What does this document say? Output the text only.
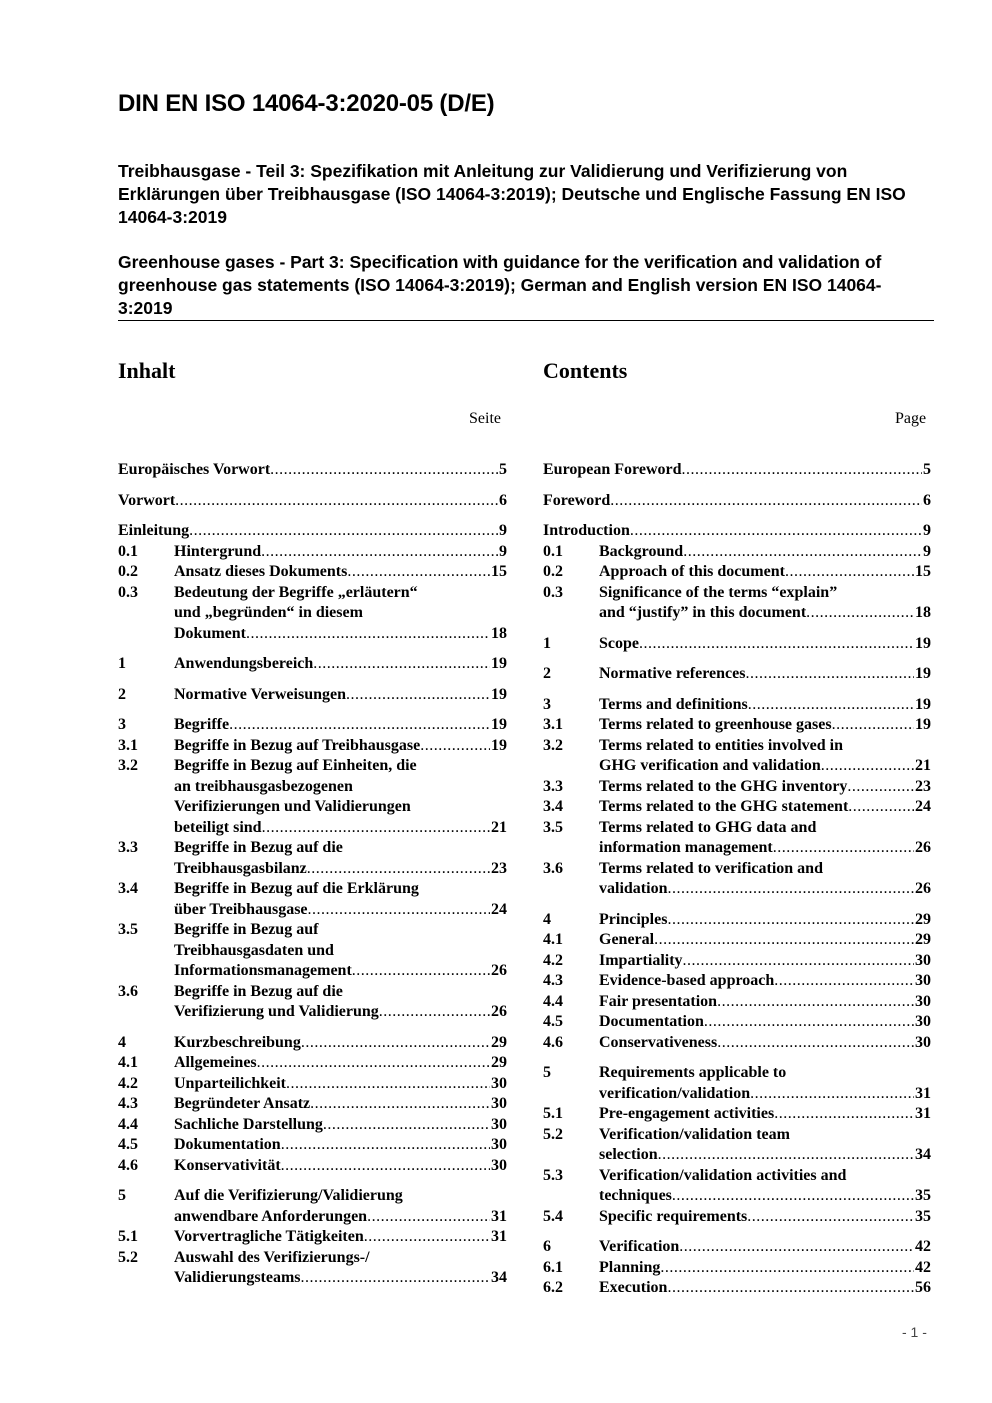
DIN EN ISO 14064-3:2020-05 (D/E)
Treibhausgase - Teil 3: Spezifikation mit Anleitung zur Validierung und Verifizierung von Erklärungen über Treibhausgase (ISO 14064-3:2019); Deutsche und Englische Fassung EN ISO 14064-3:2019
Greenhouse gases - Part 3: Specification with guidance for the verification and validation of greenhouse gas statements (ISO 14064-3:2019); German and English version EN ISO 14064-3:2019
Inhalt	Contents
Seite	Page
Europäisches Vorwort .....	5
Vorwort .....	6
Einleitung .....	9
0.1 Hintergrund .....	9
0.2 Ansatz dieses Dokuments .....	15
0.3 Bedeutung der Begriffe „erläutern“
und „begründen“ in diesem
Dokument .....	18
1	Anwendungsbereich .....	19
2	Normative Verweisungen .....	19
3	Begriffe .....	19
3.1 Begriffe in Bezug auf Treibhausgase .....	19
3.2 Begriffe in Bezug auf Einheiten, die
an treibhausgasbezogenen
Verifizierungen und Validierungen
beteiligt sind .....	21
3.3 Begriffe in Bezug auf die
Treibhausgasbilanz .....	23
3.4 Begriffe in Bezug auf die Erklärung
über Treibhausgase .....	24
3.5 Begriffe in Bezug auf
Treibhausgasdaten und
Informationsmanagement .....	26
3.6 Begriffe in Bezug auf die
Verifizierung und Validierung .....	26
4	Kurzbeschreibung .....	29
4.1 Allgemeines .....	29
4.2 Unparteilichkeit .....	30
4.3 Begründeter Ansatz .....	30
4.4 Sachliche Darstellung .....	30
4.5 Dokumentation .....	30
4.6 Konservativität .....	30
5	Auf die Verifizierung/Validierung
anwendbare Anforderungen .....	31
5.1 Vorvertragliche Tätigkeiten .....	31
5.2 Auswahl des Verifizierungs-/
Validierungsteams .....	34
European Foreword .....	5
Foreword .....	6
Introduction .....	9
0.1 Background .....	9
0.2 Approach of this document .....	15
0.3 Significance of the terms “explain”
and “justify” in this document .....	18
1	Scope .....	19
2	Normative references .....	19
3	Terms and definitions .....	19
3.1 Terms related to greenhouse gases .....	19
3.2 Terms related to entities involved in
GHG verification and validation .....	21
3.3 Terms related to the GHG inventory .....	23
3.4 Terms related to the GHG statement .....	24
3.5 Terms related to GHG data and
information management .....	26
3.6 Terms related to verification and
validation .....	26
4	Principles .....	29
4.1 General .....	29
4.2 Impartiality .....	30
4.3 Evidence-based approach .....	30
4.4 Fair presentation .....	30
4.5 Documentation .....	30
4.6 Conservativeness .....	30
5	Requirements applicable to
verification/validation .....	31
5.1 Pre-engagement activities .....	31
5.2 Verification/validation team
selection .....	34
5.3 Verification/validation activities and
techniques .....	35
5.4 Specific requirements .....	35
6	Verification .....	42
6.1 Planning .....	42
6.2 Execution .....	56
- 1 -
